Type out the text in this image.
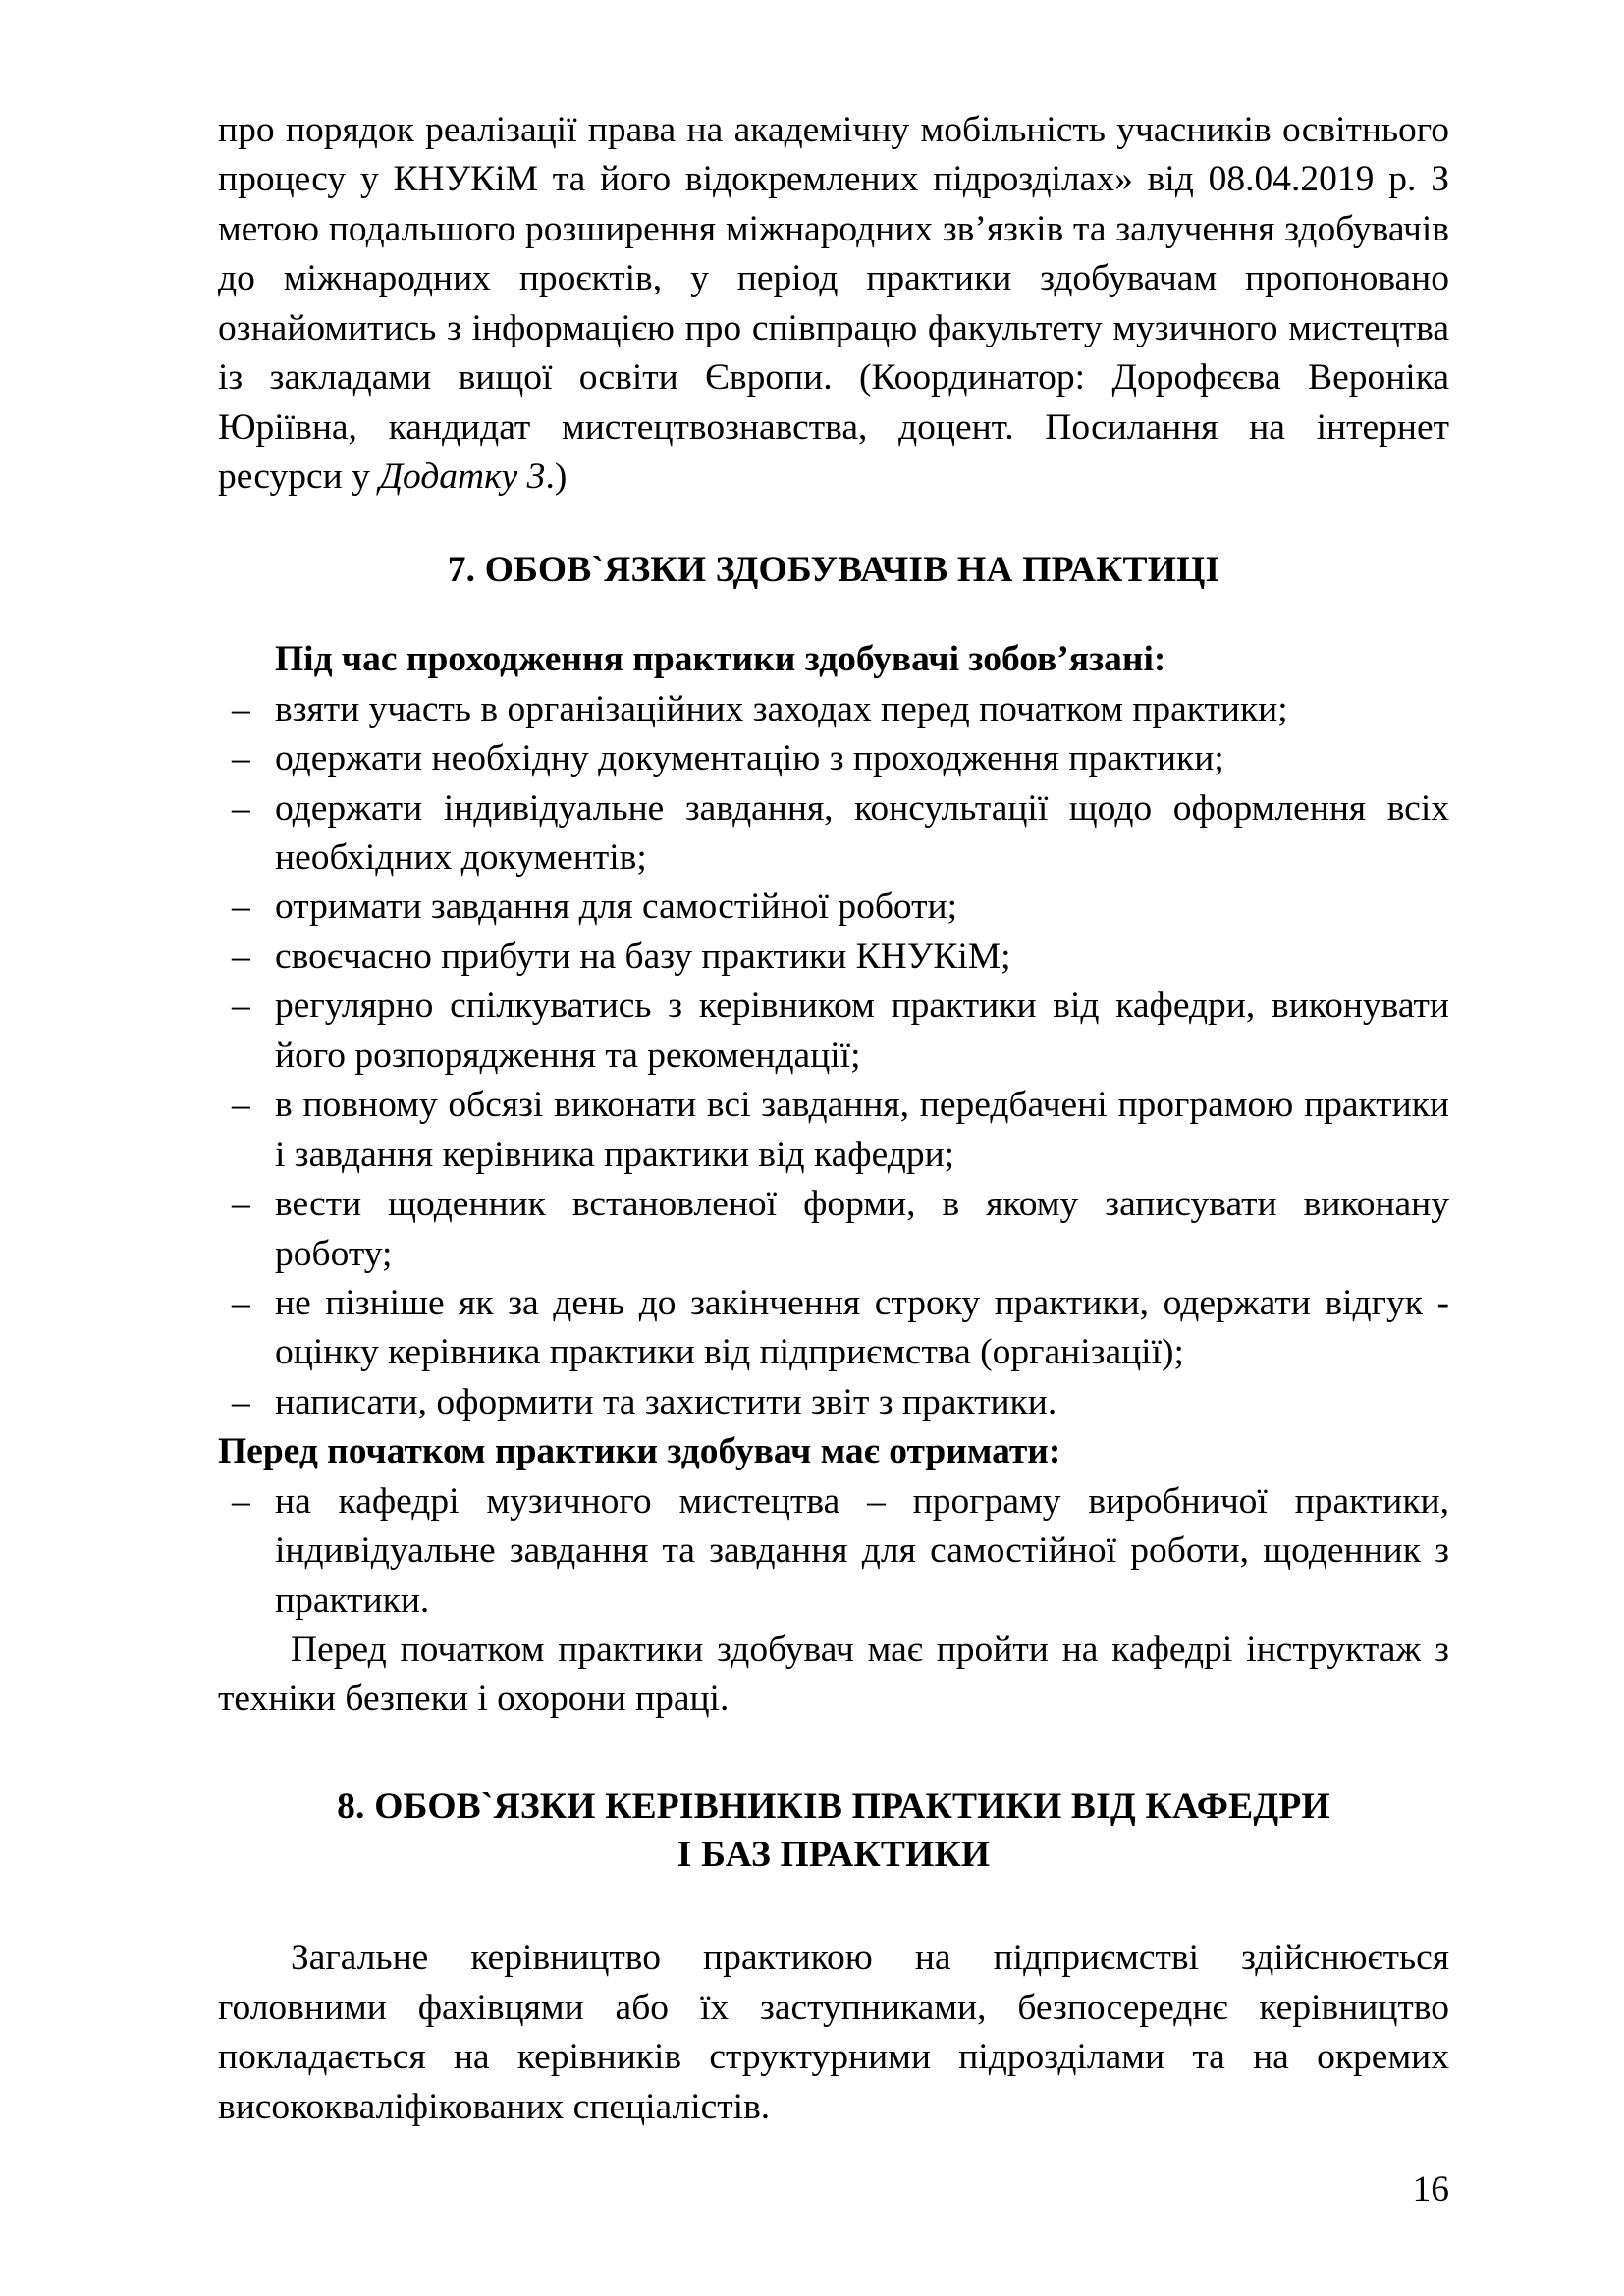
про порядок реалізації права на академічну мобільність учасників освітнього процесу у КНУКіМ та його відокремлених підрозділах» від 08.04.2019 р. З метою подальшого розширення міжнародних зв’язків та залучення здобувачів до міжнародних проєктів, у період практики здобувачам пропоновано ознайомитись з інформацією про співпрацю факультету музичного мистецтва із закладами вищої освіти Європи. (Координатор: Дорофєєва Вероніка Юріївна, кандидат мистецтвознавства, доцент. Посилання на інтернет ресурси у Додатку 3.)

7. ОБОВ`ЯЗКИ ЗДОБУВАЧІВ НА ПРАКТИЦІ

Під час проходження практики здобувачі зобов’язані:

– взяти участь в організаційних заходах перед початком практики;
– одержати необхідну документацію з проходження практики;
– одержати індивідуальне завдання, консультації щодо оформлення всіх необхідних документів;
– отримати завдання для самостійної роботи;
– своєчасно прибути на базу практики КНУКіМ;
– регулярно спілкуватись з керівником практики від кафедри, виконувати його розпорядження та рекомендації;
– в повному обсязі виконати всі завдання, передбачені програмою практики і завдання керівника практики від кафедри;
– вести щоденник встановленої форми, в якому записувати виконану роботу;
– не пізніше як за день до закінчення строку практики, одержати відгук - оцінку керівника практики від підприємства (організації);
– написати, оформити та захистити звіт з практики.

Перед початком практики здобувач має отримати:

– на кафедрі музичного мистецтва – програму виробничої практики, індивідуальне завдання та завдання для самостійної роботи, щоденник з практики.

Перед початком практики здобувач має пройти на кафедрі інструктаж з техніки безпеки і охорони праці.

8. ОБОВ`ЯЗКИ КЕРІВНИКІВ ПРАКТИКИ ВІД КАФЕДРИ
І БАЗ ПРАКТИКИ

Загальне керівництво практикою на підприємстві здійснюється головними фахівцями або їх заступниками, безпосереднє керівництво покладається на керівників структурними підрозділами та на окремих висококваліфікованих спеціалістів.

16
